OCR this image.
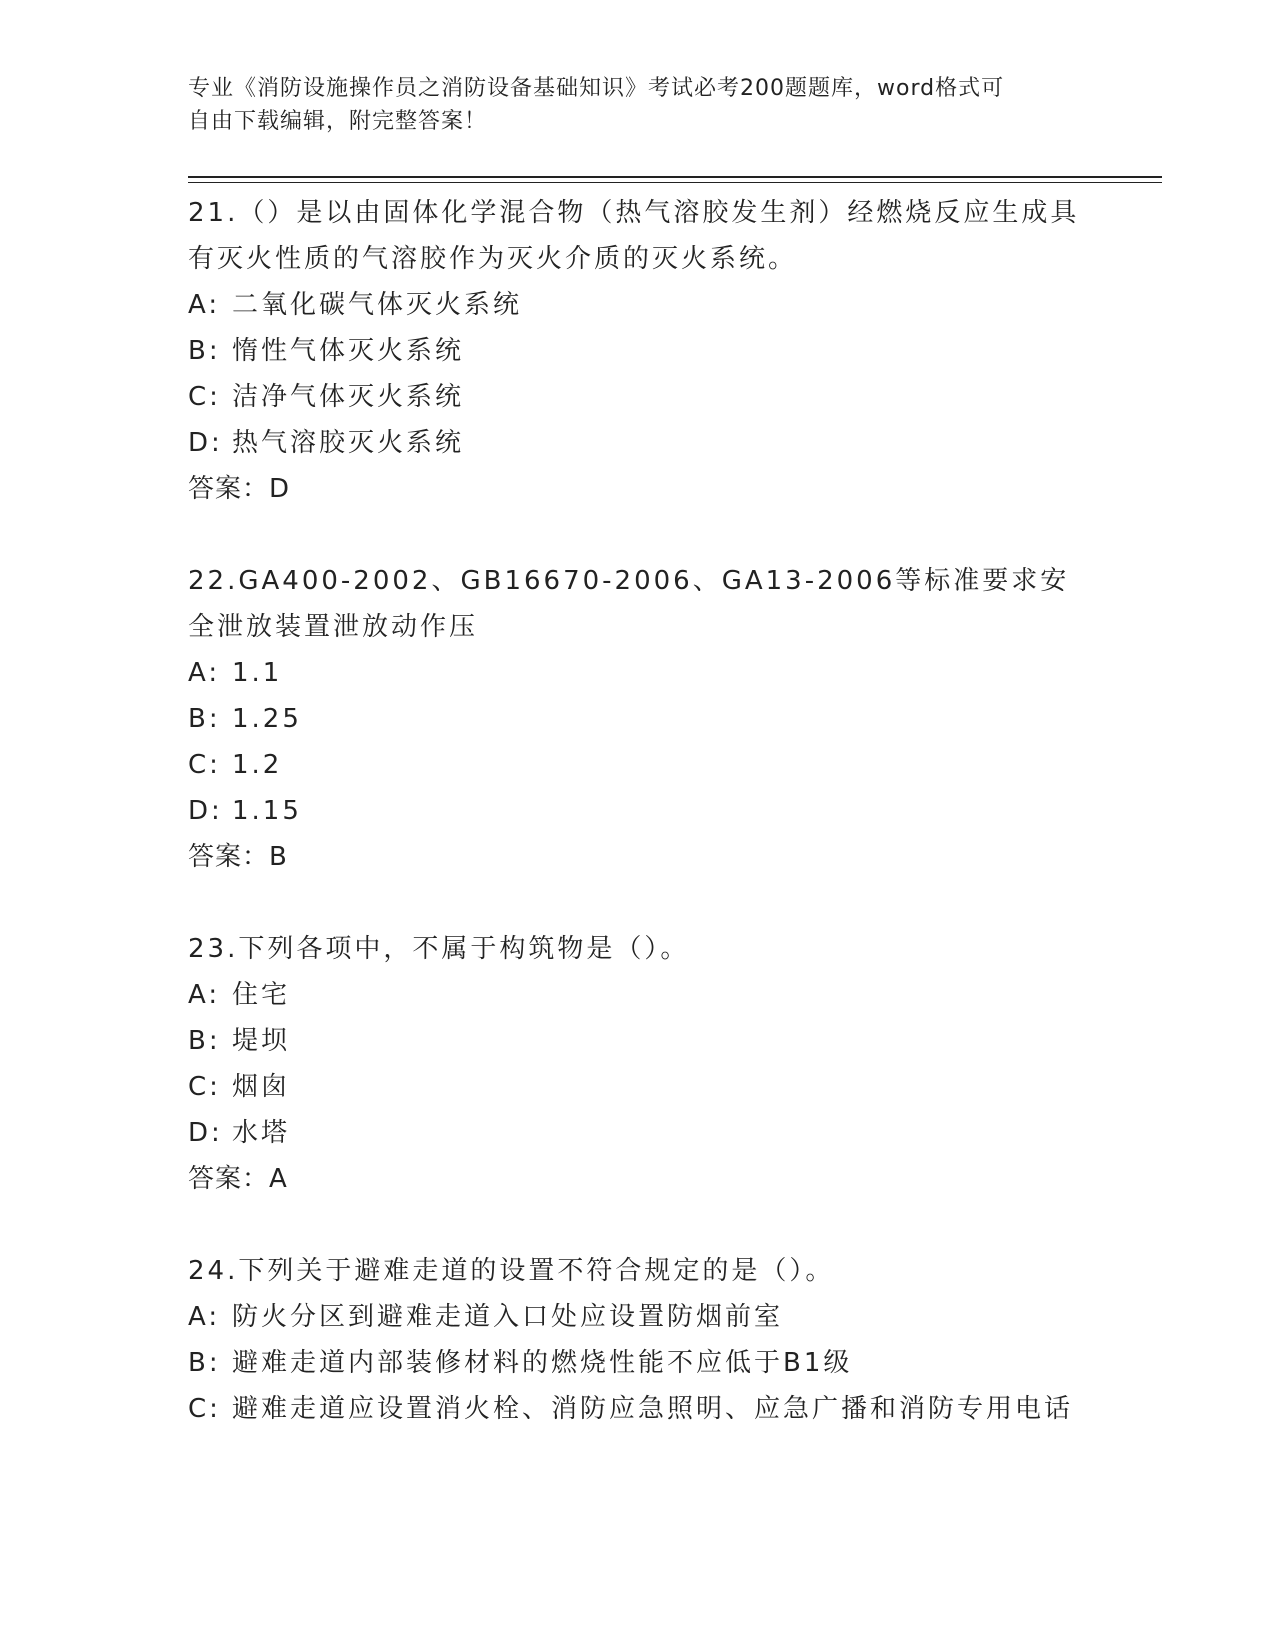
专业《消防设施操作员之消防设备基础知识》考试必考200题题库，word格式可
自由下载编辑，附完整答案！
21.（）是以由固体化学混合物（热气溶胶发生剂）经燃烧反应生成具有灭火性质的气溶胶作为灭火介质的灭火系统。
A: 二氧化碳气体灭火系统
B: 惰性气体灭火系统
C: 洁净气体灭火系统
D: 热气溶胶灭火系统
答案：D
22.GA400-2002、GB16670-2006、GA13-2006等标准要求安全泄放装置泄放动作压
A: 1.1
B: 1.25
C: 1.2
D: 1.15
答案：B
23.下列各项中，不属于构筑物是（）。
A: 住宅
B: 堤坝
C: 烟囱
D: 水塔
答案：A
24.下列关于避难走道的设置不符合规定的是（）。
A: 防火分区到避难走道入口处应设置防烟前室
B: 避难走道内部装修材料的燃烧性能不应低于B1级
C: 避难走道应设置消火栓、消防应急照明、应急广播和消防专用电话
